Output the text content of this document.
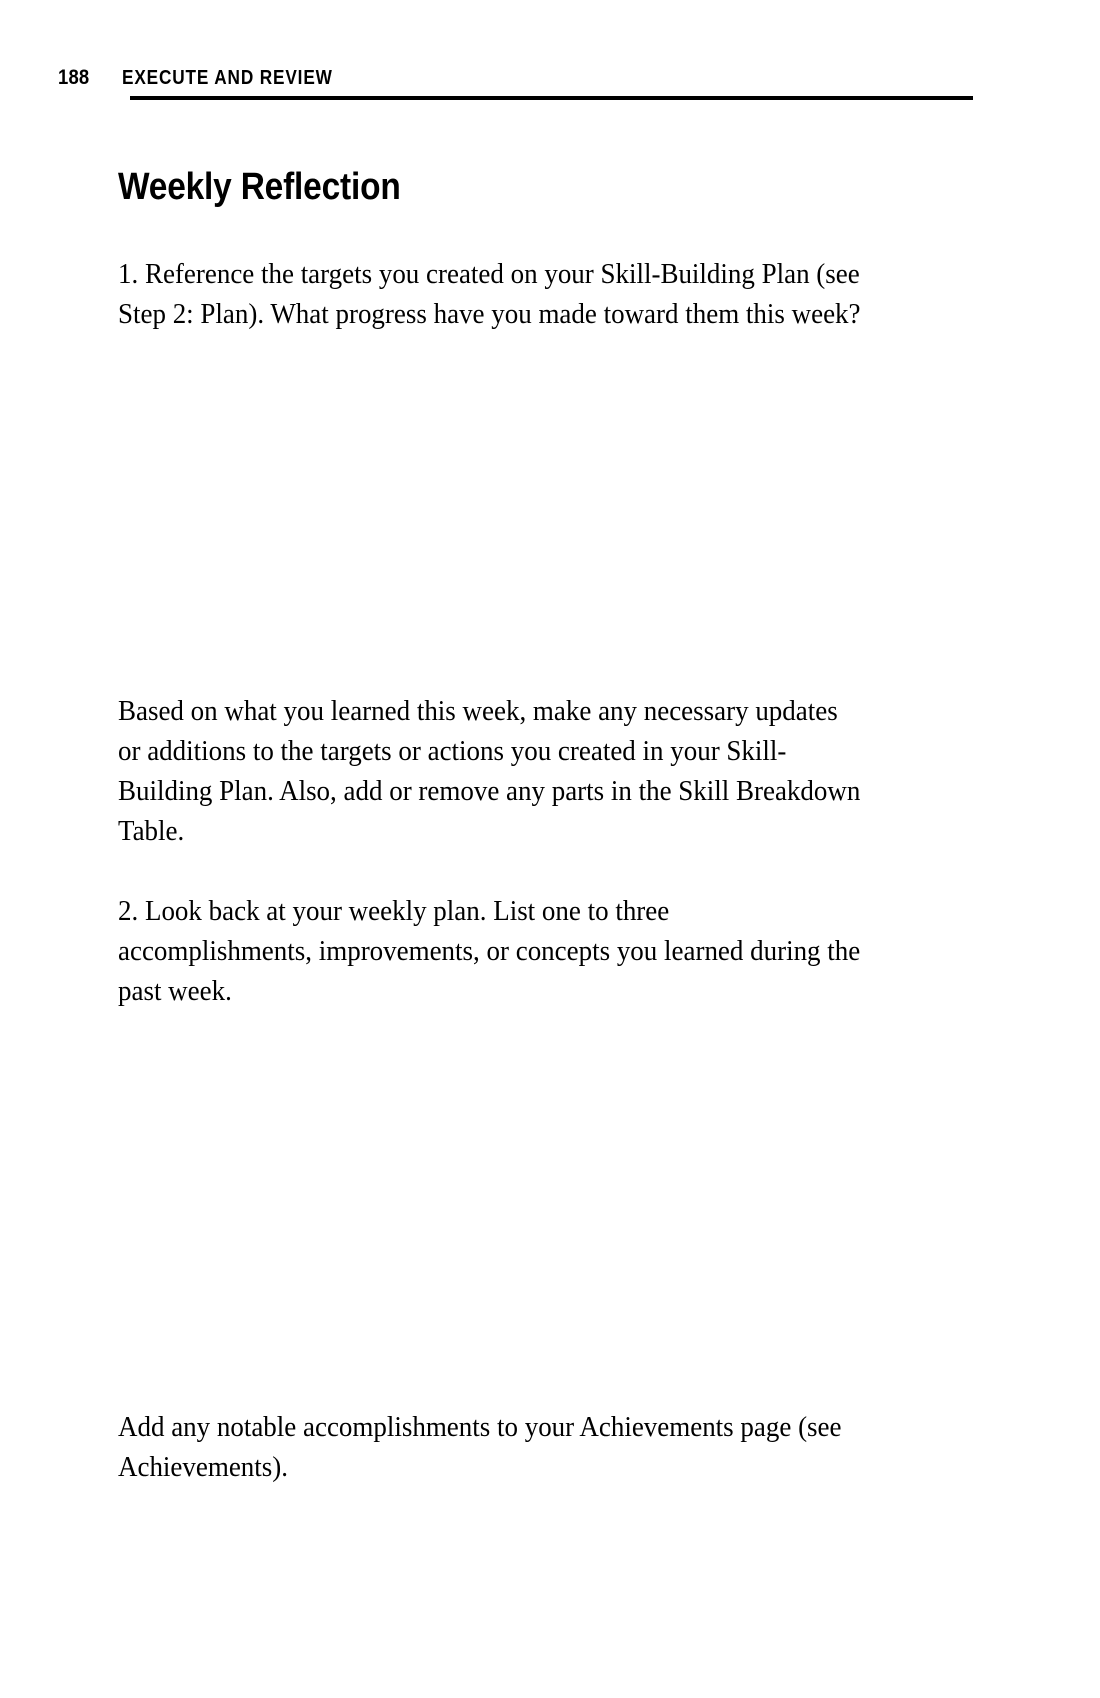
188 EXECUTE AND REVIEW
Weekly Reflection

1. Reference the targets you created on your Skill-Building Plan (see Step 2: Plan). What progress have you made toward them this week?

Based on what you learned this week, make any necessary updates or additions to the targets or actions you created in your Skill-Building Plan. Also, add or remove any parts in the Skill Breakdown Table.

2. Look back at your weekly plan. List one to three accomplishments, improvements, or concepts you learned during the past week.

Add any notable accomplishments to your Achievements page (see Achievements).
